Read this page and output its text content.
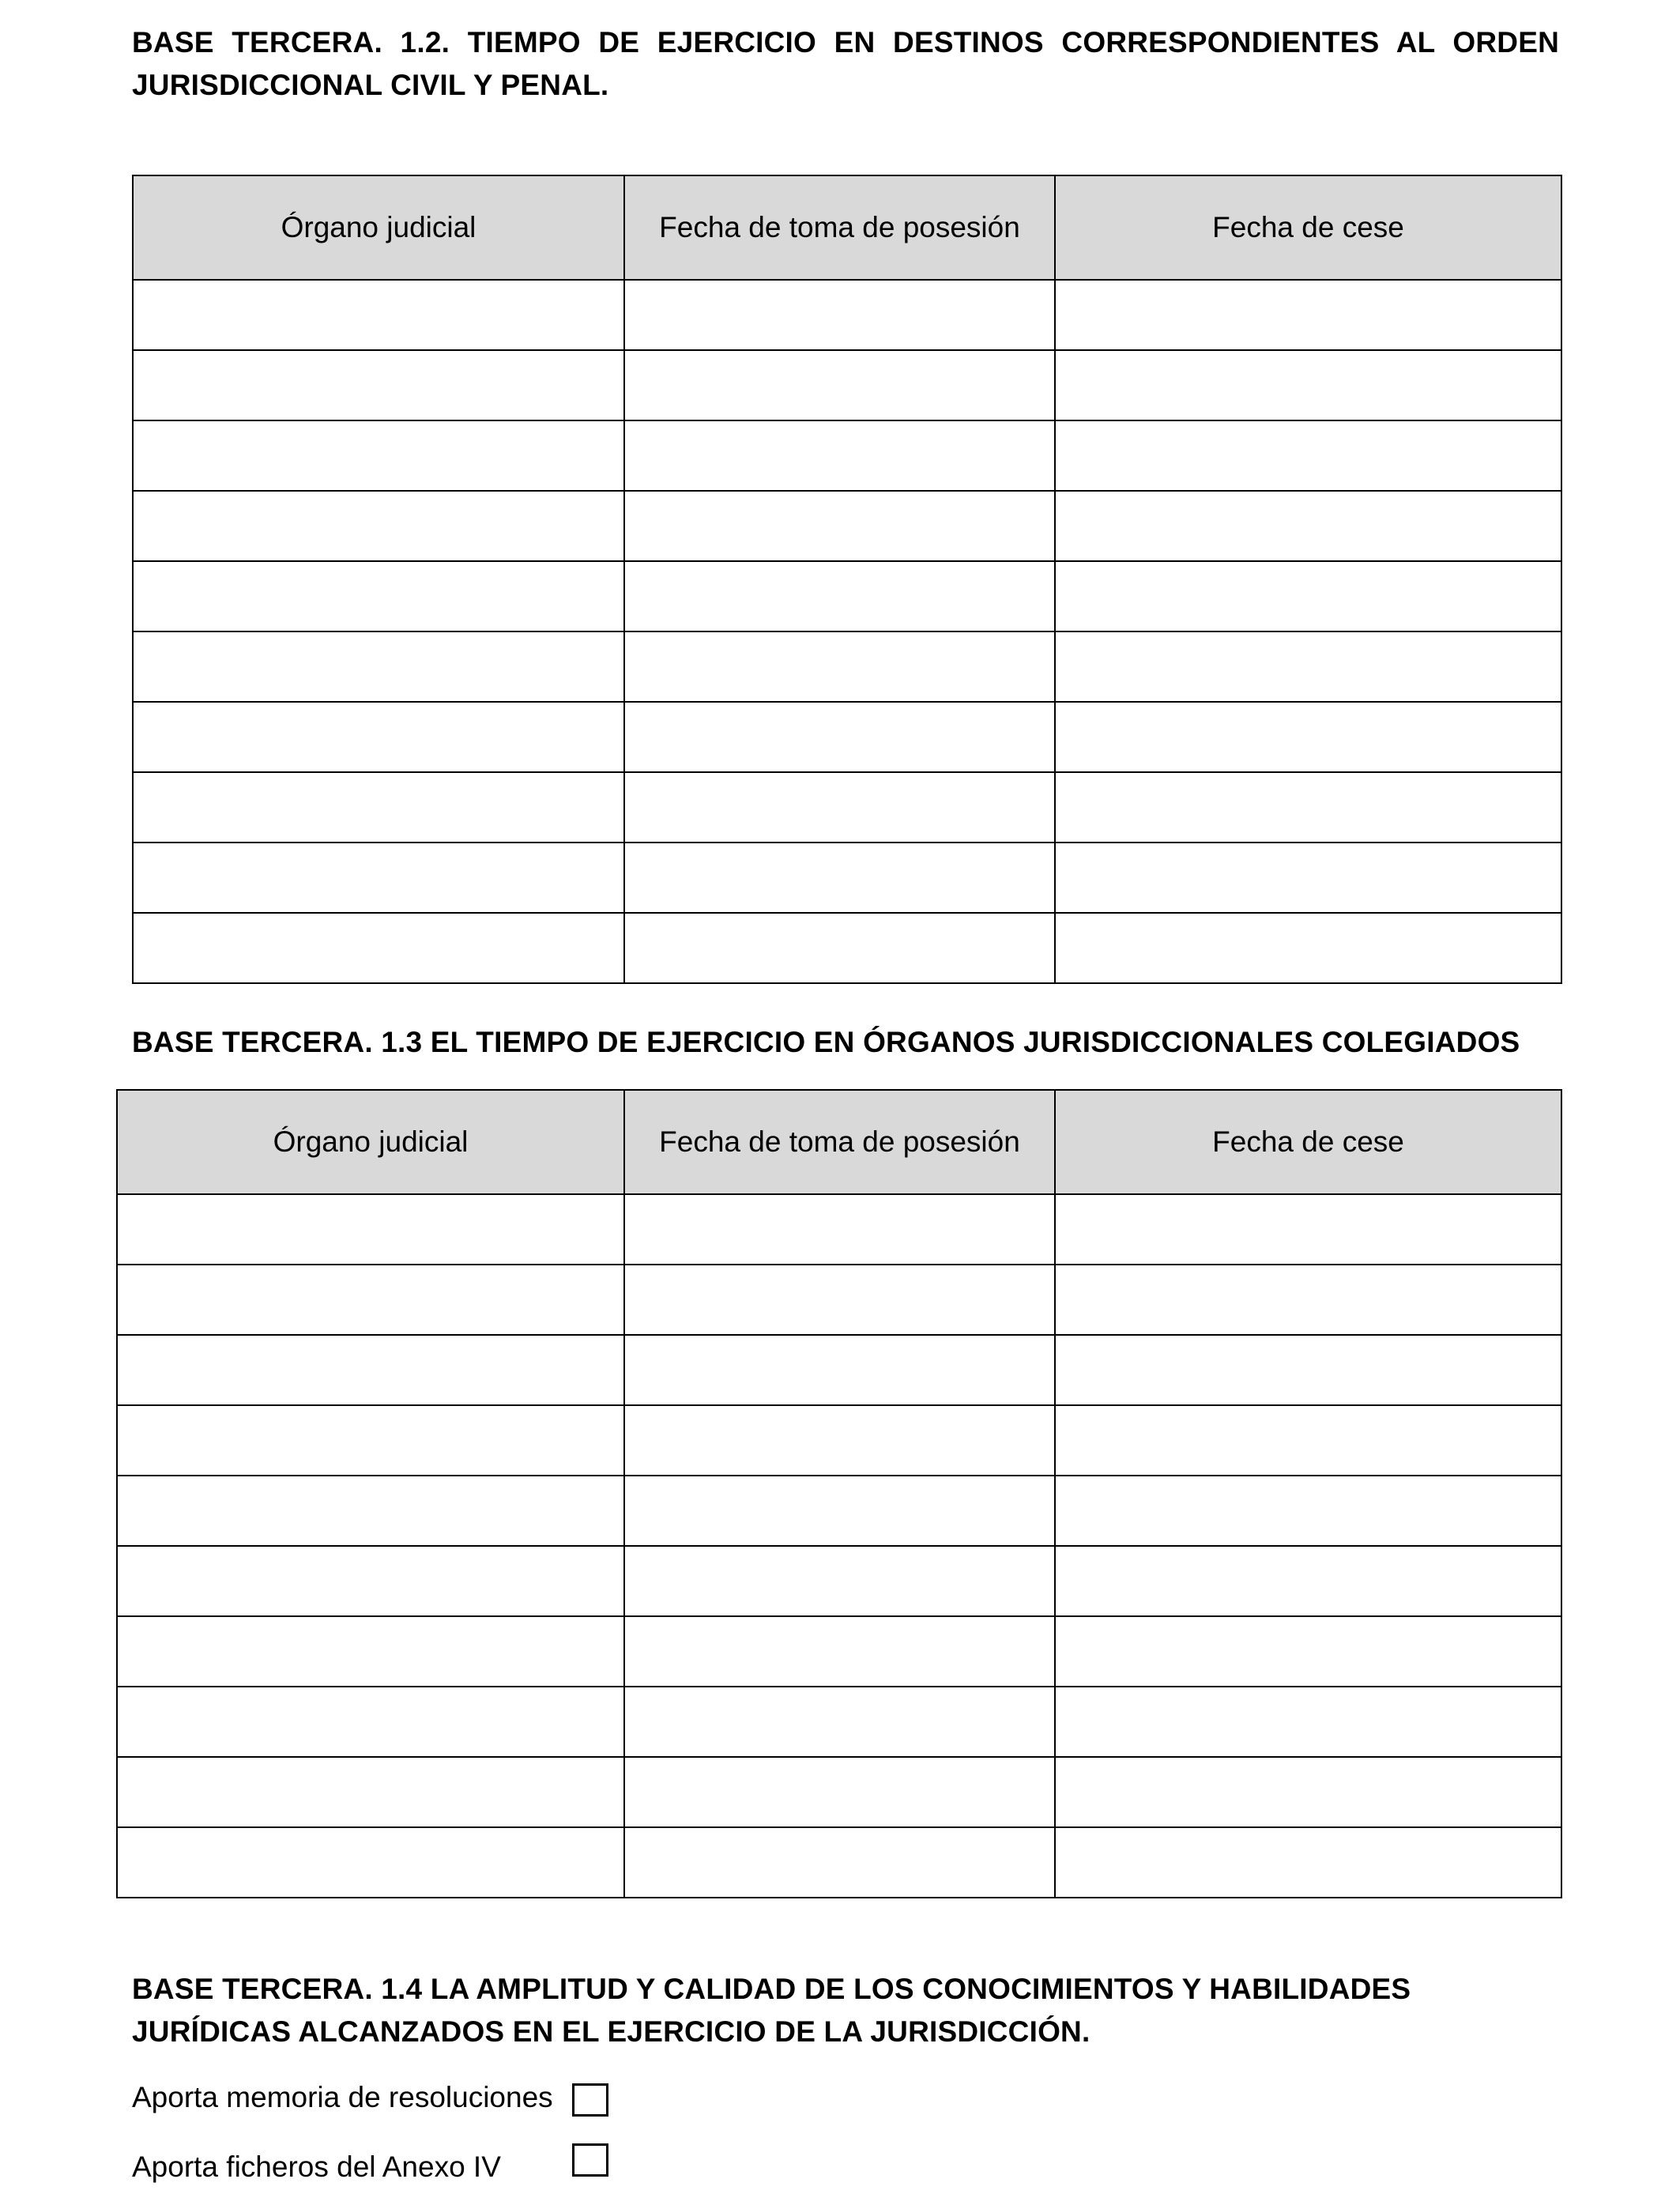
BASE TERCERA. 1.2. TIEMPO DE EJERCICIO EN DESTINOS CORRESPONDIENTES AL ORDEN JURISDICCIONAL CIVIL Y PENAL.
Órgano judicial	Fecha de toma de posesión	Fecha de cese

BASE TERCERA. 1.3 EL TIEMPO DE EJERCICIO EN ÓRGANOS JURISDICCIONALES COLEGIADOS
Órgano judicial	Fecha de toma de posesión	Fecha de cese

BASE TERCERA. 1.4 LA AMPLITUD Y CALIDAD DE LOS CONOCIMIENTOS Y HABILIDADES JURÍDICAS ALCANZADOS EN EL EJERCICIO DE LA JURISDICCIÓN.
Aporta memoria de resoluciones
Aporta ficheros del Anexo IV
